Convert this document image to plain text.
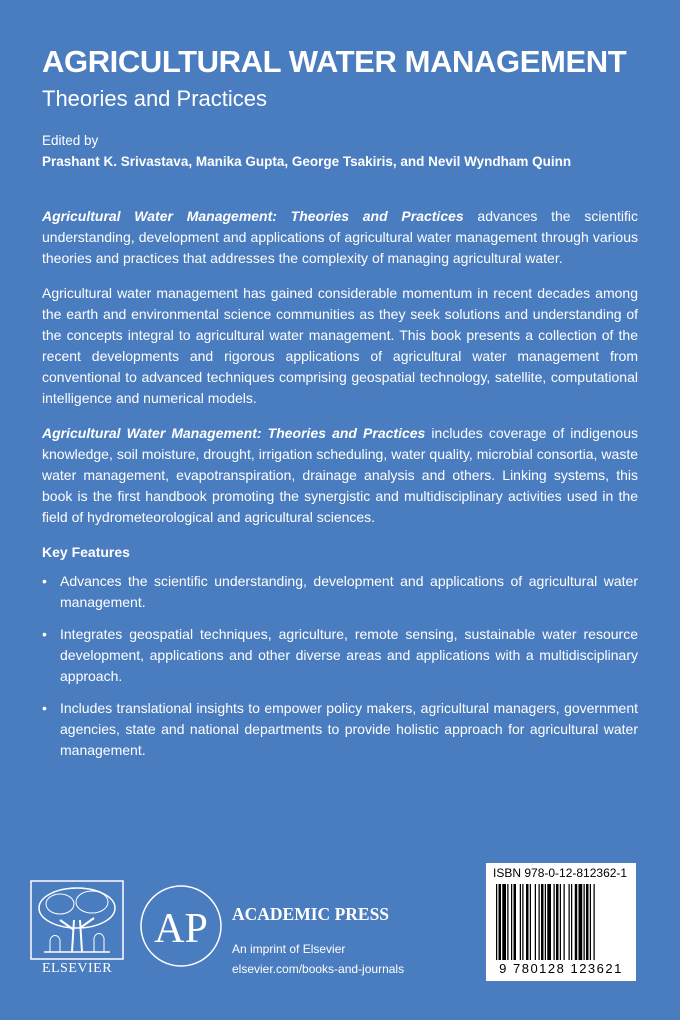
AGRICULTURAL WATER MANAGEMENT
Theories and Practices
Edited by
Prashant K. Srivastava, Manika Gupta, George Tsakiris, and Nevil Wyndham Quinn

Agricultural Water Management: Theories and Practices advances the scientific understanding, development and applications of agricultural water management through various theories and practices that addresses the complexity of managing agricultural water.

Agricultural water management has gained considerable momentum in recent decades among the earth and environmental science communities as they seek solutions and understanding of the concepts integral to agricultural water management. This book presents a collection of the recent developments and rigorous applications of agricultural water management from conventional to advanced techniques comprising geospatial technology, satellite, computational intelligence and numerical models.

Agricultural Water Management: Theories and Practices includes coverage of indigenous knowledge, soil moisture, drought, irrigation scheduling, water quality, microbial consortia, waste water management, evapotranspiration, drainage analysis and others. Linking systems, this book is the first handbook promoting the synergistic and multidisciplinary activities used in the field of hydrometeorological and agricultural sciences.

Key Features
• Advances the scientific understanding, development and applications of agricultural water management.
• Integrates geospatial techniques, agriculture, remote sensing, sustainable water resource development, applications and other diverse areas and applications with a multidisciplinary approach.
• Includes translational insights to empower policy makers, agricultural managers, government agencies, state and national departments to provide holistic approach for agricultural water management.
ELSEVIER
AP ACADEMIC PRESS
An imprint of Elsevier
elsevier.com/books-and-journals
ISBN 978-0-12-812362-1
9 780128 123621
